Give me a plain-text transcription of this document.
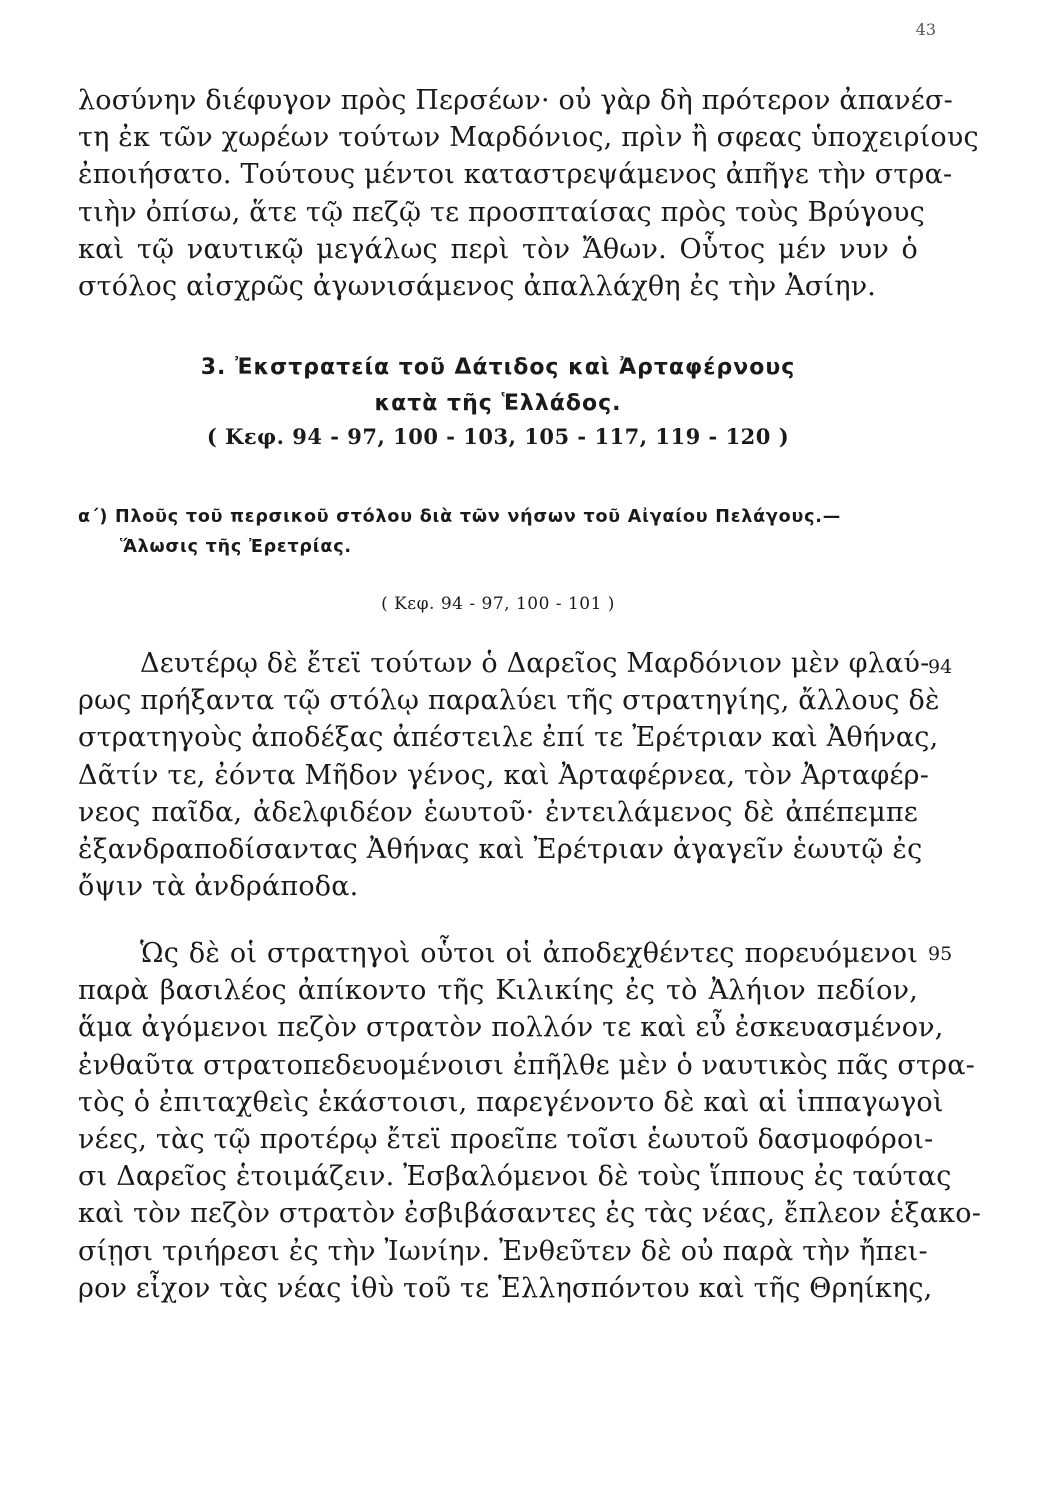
43
λοσύνην διέφυγον πρὸς Περσέων· οὐ γὰρ δὴ πρότερον ἀπανέσ-
τη ἐκ τῶν χωρέων τούτων Μαρδόνιος, πρὶν ἢ σφεας ὑποχειρίους
ἐποιήσατο. Τούτους μέντοι καταστρεψάμενος ἀπῆγε τὴν στρα-
τιὴν ὀπίσω, ἅτε τῷ πεζῷ τε προσπταίσας πρὸς τοὺς Βρύγους
καὶ τῷ ναυτικῷ μεγάλως περὶ τὸν Ἄθων. Οὗτος μέν νυν ὁ
στόλος αἰσχρῶς ἀγωνισάμενος ἀπαλλάχθη ἐς τὴν Ἀσίην.
3. Ἐκστρατεία τοῦ Δάτιδος καὶ Ἀρταφέρνους
κατὰ τῆς Ἑλλάδος.
( Κεφ. 94 - 97, 100 - 103, 105 - 117, 119 - 120 )
α΄) Πλοῦς τοῦ περσικοῦ στόλου διὰ τῶν νήσων τοῦ Αἰγαίου Πελάγους.—
Ἅλωσις τῆς Ἐρετρίας.
( Κεφ. 94 - 97, 100 - 101 )
Δευτέρῳ δὲ ἔτεϊ τούτων ὁ Δαρεῖος Μαρδόνιον μὲν φλαύ-
ρως πρήξαντα τῷ στόλῳ παραλύει τῆς στρατηγίης, ἄλλους δὲ
στρατηγοὺς ἀποδέξας ἀπέστειλε ἐπί τε Ἐρέτριαν καὶ Ἀθήνας,
Δᾶτίν τε, ἐόντα Μῆδον γένος, καὶ Ἀρταφέρνεα, τὸν Ἀρταφέρ-
νεος παῖδα, ἀδελφιδέον ἑωυτοῦ· ἐντειλάμενος δὲ ἀπέπεμπε
ἐξανδραποδίσαντας Ἀθήνας καὶ Ἐρέτριαν ἀγαγεῖν ἑωυτῷ ἐς
ὄψιν τὰ ἀνδράποδα.
94
Ὡς δὲ οἱ στρατηγοὶ οὗτοι οἱ ἀποδεχθέντες πορευόμενοι
παρὰ βασιλέος ἀπίκοντο τῆς Κιλικίης ἐς τὸ Ἀλήιον πεδίον,
ἅμα ἀγόμενοι πεζὸν στρατὸν πολλόν τε καὶ εὖ ἐσκευασμένον,
ἐνθαῦτα στρατοπεδευομένοισι ἐπῆλθε μὲν ὁ ναυτικὸς πᾶς στρα-
τὸς ὁ ἐπιταχθεὶς ἑκάστοισι, παρεγένοντο δὲ καὶ αἱ ἱππαγωγοὶ
νέες, τὰς τῷ προτέρῳ ἔτεϊ προεῖπε τοῖσι ἑωυτοῦ δασμοφόροι-
σι Δαρεῖος ἑτοιμάζειν. Ἐσβαλόμενοι δὲ τοὺς ἵππους ἐς ταύτας
καὶ τὸν πεζὸν στρατὸν ἐσβιβάσαντες ἐς τὰς νέας, ἔπλεον ἑξακο-
σίῃσι τριήρεσι ἐς τὴν Ἰωνίην. Ἐνθεῦτεν δὲ οὐ παρὰ τὴν ἤπει-
ρον εἶχον τὰς νέας ἰθὺ τοῦ τε Ἑλλησπόντου καὶ τῆς Θρηίκης,
95
